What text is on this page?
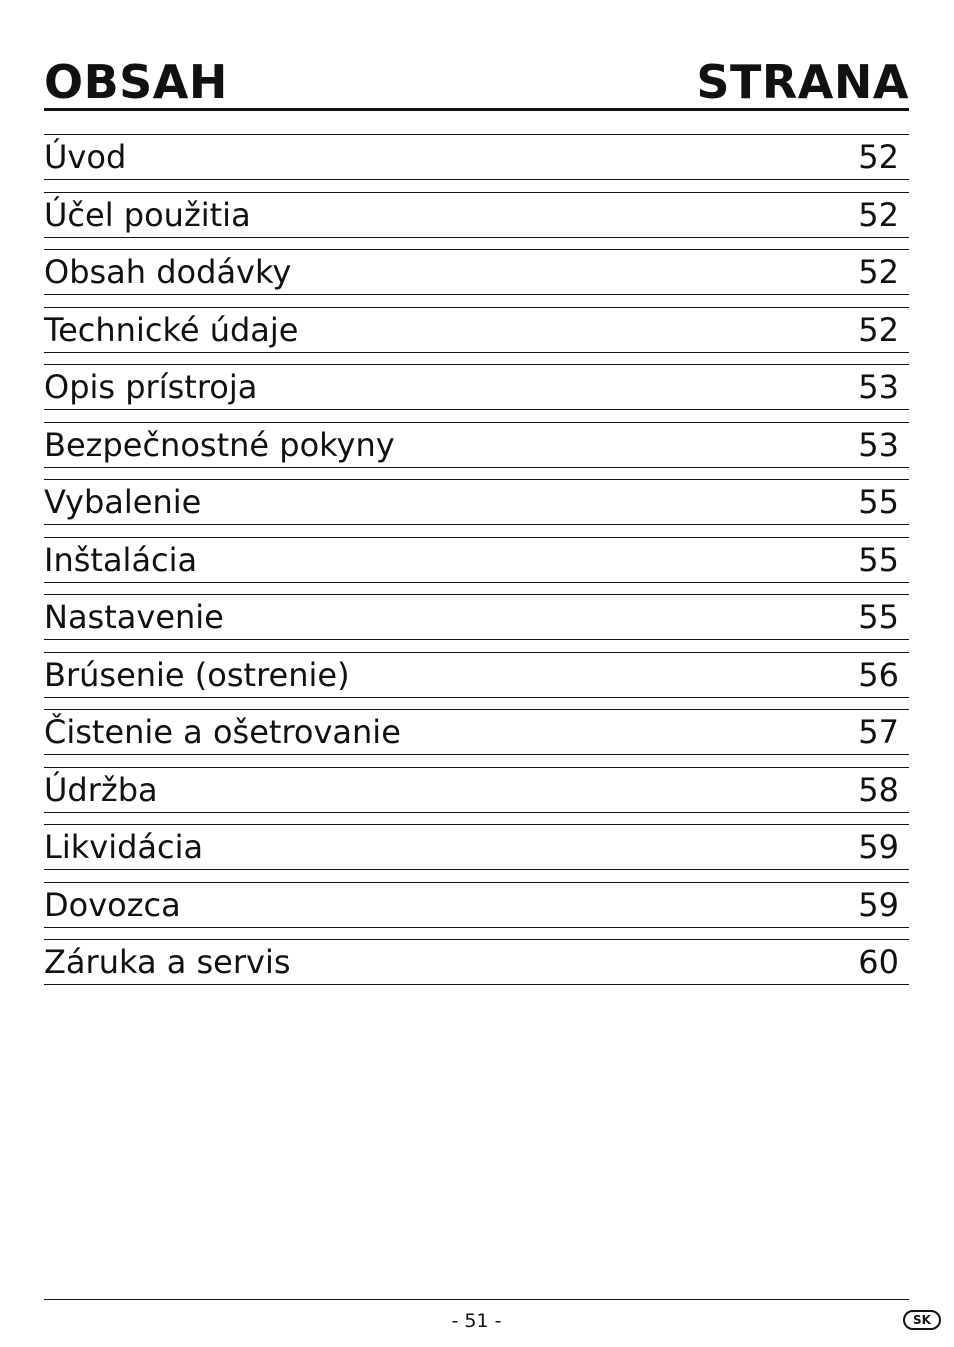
OBSAH	STRANA
Úvod	52
Účel použitia	52
Obsah dodávky	52
Technické údaje	52
Opis prístroja	53
Bezpečnostné pokyny	53
Vybalenie	55
Inštalácia	55
Nastavenie	55
Brúsenie (ostrenie)	56
Čistenie a ošetrovanie	57
Údržba	58
Likvidácia	59
Dovozca	59
Záruka a servis	60
- 51 -	SK
